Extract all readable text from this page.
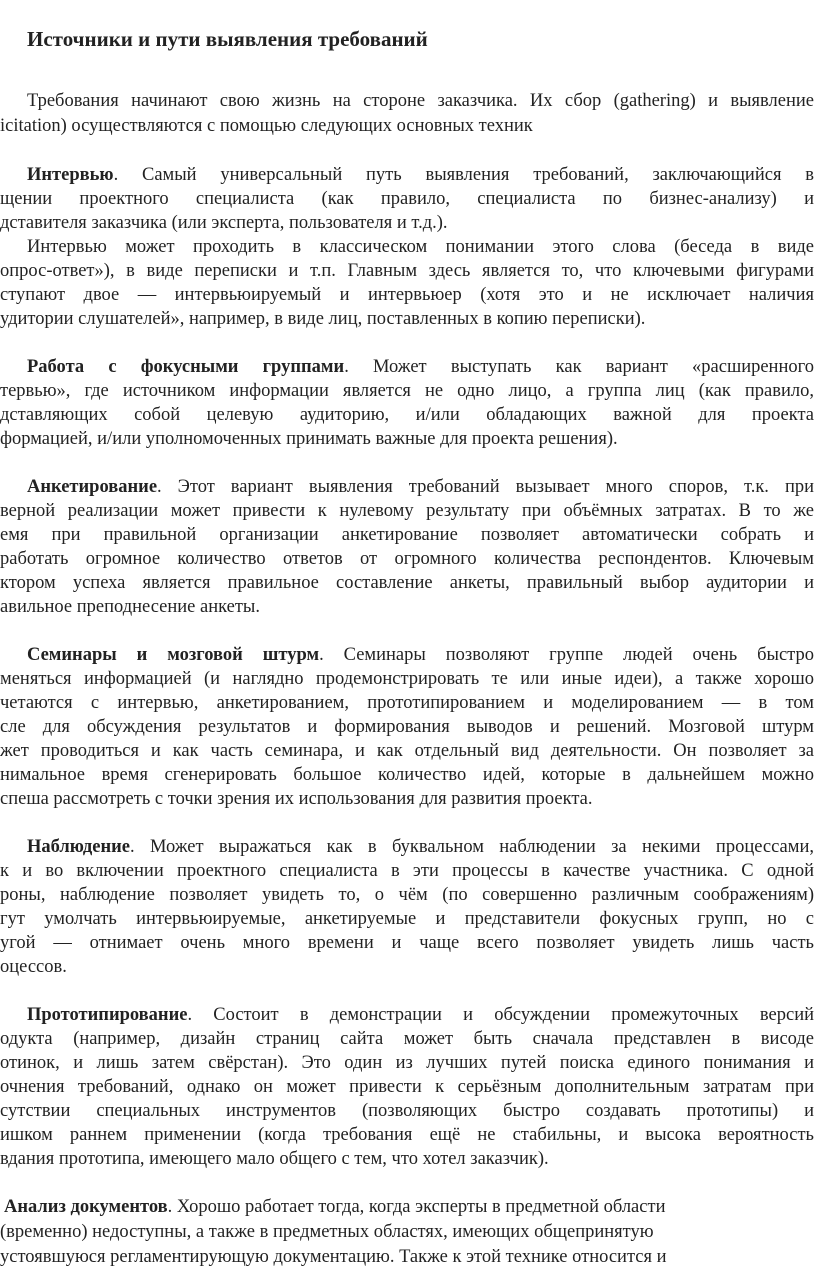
Источники и пути выявления требований
Требования начинают свою жизнь на стороне заказчика. Их сбор (gathering) и выявление
icitation) осуществляются с помощью следующих основных техник
Интервью. Самый универсальный путь выявления требований, заключающийся в
щении проектного специалиста (как правило, специалиста по бизнес-анализу) и
дставителя заказчика (или эксперта, пользователя и т.д.).
Интервью может проходить в классическом понимании этого слова (беседа в виде
опрос-ответ»), в виде переписки и т.п. Главным здесь является то, что ключевыми фигурами
ступают двое — интервьюируемый и интервьюер (хотя это и не исключает наличия
удитории слушателей», например, в виде лиц, поставленных в копию переписки).
Работа с фокусными группами. Может выступать как вариант «расширенного
тервью», где источником информации является не одно лицо, а группа лиц (как правило,
дставляющих собой целевую аудиторию, и/или обладающих важной для проекта
формацией, и/или уполномоченных принимать важные для проекта решения).
Анкетирование. Этот вариант выявления требований вызывает много споров, т.к. при
верной реализации может привести к нулевому результату при объёмных затратах. В то же
емя при правильной организации анкетирование позволяет автоматически собрать и
работать огромное количество ответов от огромного количества респондентов. Ключевым
ктором успеха является правильное составление анкеты, правильный выбор аудитории и
авильное преподнесение анкеты.
Семинары и мозговой штурм. Семинары позволяют группе людей очень быстро
меняться информацией (и наглядно продемонстрировать те или иные идеи), а также хорошо
четаются с интервью, анкетированием, прототипированием и моделированием — в том
сле для обсуждения результатов и формирования выводов и решений. Мозговой штурм
жет проводиться и как часть семинара, и как отдельный вид деятельности. Он позволяет за
нимальное время сгенерировать большое количество идей, которые в дальнейшем можно
спеша рассмотреть с точки зрения их использования для развития проекта.
Наблюдение. Может выражаться как в буквальном наблюдении за некими процессами,
к и во включении проектного специалиста в эти процессы в качестве участника. С одной
роны, наблюдение позволяет увидеть то, о чём (по совершенно различным соображениям)
гут умолчать интервьюируемые, анкетируемые и представители фокусных групп, но с
угой — отнимает очень много времени и чаще всего позволяет увидеть лишь часть
оцессов.
Прототипирование. Состоит в демонстрации и обсуждении промежуточных версий
одукта (например, дизайн страниц сайта может быть сначала представлен в висоде
отинок, и лишь затем свёрстан). Это один из лучших путей поиска единого понимания и
очнения требований, однако он может привести к серьёзным дополнительным затратам при
сутствии специальных инструментов (позволяющих быстро создавать прототипы) и
ишком раннем применении (когда требования ещё не стабильны, и высока вероятность
вдания прототипа, имеющего мало общего с тем, что хотел заказчик).
Анализ документов. Хорошо работает тогда, когда эксперты в предметной области
(временно) недоступны, а также в предметных областях, имеющих общепринятую
устоявшуюся регламентирующую документацию. Также к этой технике относится и
